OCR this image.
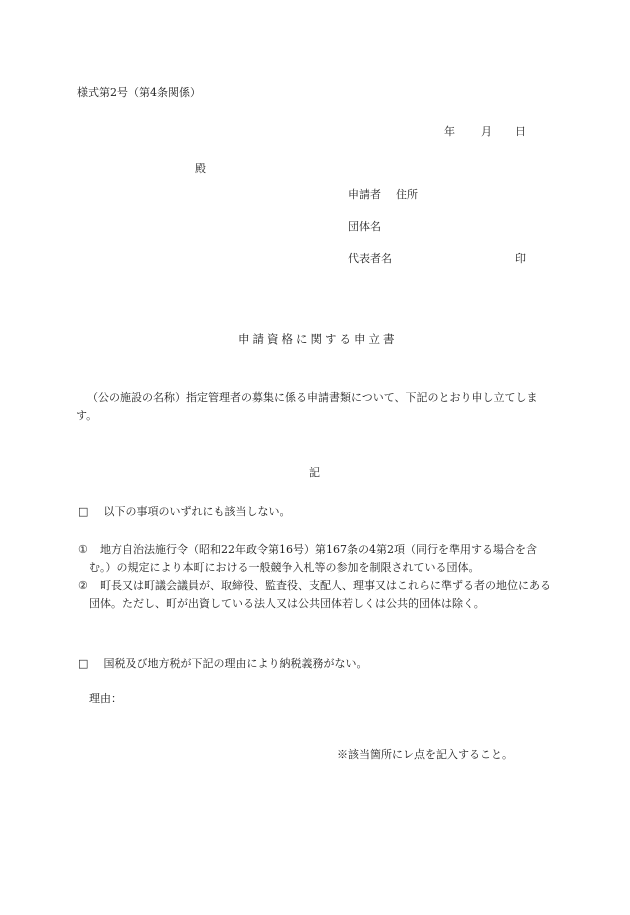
様式第2号（第4条関係）
年 月 日
殿
申請者 住所
団体名
代表者名	印
申請資格に関する申立書
（公の施設の名称）指定管理者の募集に係る申請書類について、下記のとおり申し立てします。
記
□ 以下の事項のいずれにも該当しない。
①	地方自治法施行令（昭和22年政令第16号）第167条の4第2項（同行を準用する場合を含む。）の規定により本町における一般競争入札等の参加を制限されている団体。
②	町長又は町議会議員が、取締役、監査役、支配人、理事又はこれらに準ずる者の地位にある団体。ただし、町が出資している法人又は公共団体若しくは公共的団体は除く。
□ 国税及び地方税が下記の理由により納税義務がない。
理由：
※該当箇所にレ点を記入すること。
